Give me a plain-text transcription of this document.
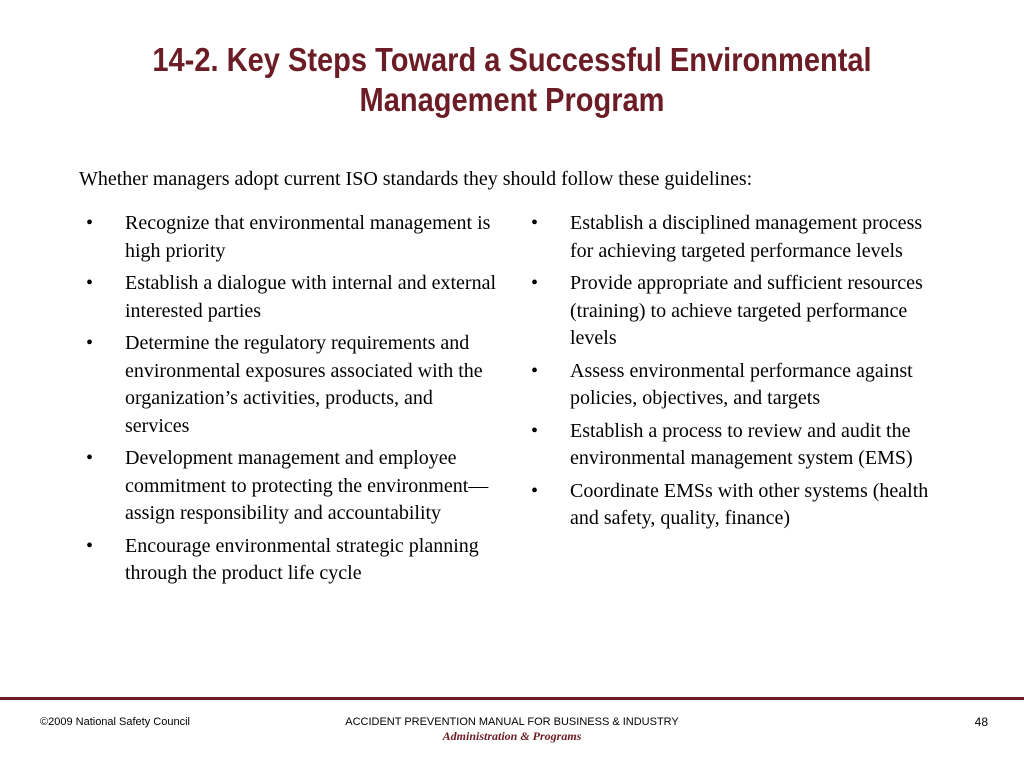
14-2. Key Steps Toward a Successful Environmental
Management Program

Whether managers adopt current ISO standards they should follow these guidelines:

•	Recognize that environmental management is high priority
•	Establish a dialogue with internal and external interested parties
•	Determine the regulatory requirements and environmental exposures associated with the organization’s activities, products, and services
•	Development management and employee commitment to protecting the environment—assign responsibility and accountability
•	Encourage environmental strategic planning through the product life cycle
•	Establish a disciplined management process for achieving targeted performance levels
•	Provide appropriate and sufficient resources (training) to achieve targeted performance levels
•	Assess environmental performance against policies, objectives, and targets
•	Establish a process to review and audit the environmental management system (EMS)
•	Coordinate EMSs with other systems (health and safety, quality, finance)
©2009 National Safety Council	ACCIDENT PREVENTION MANUAL FOR BUSINESS & INDUSTRY
Administration & Programs
48
